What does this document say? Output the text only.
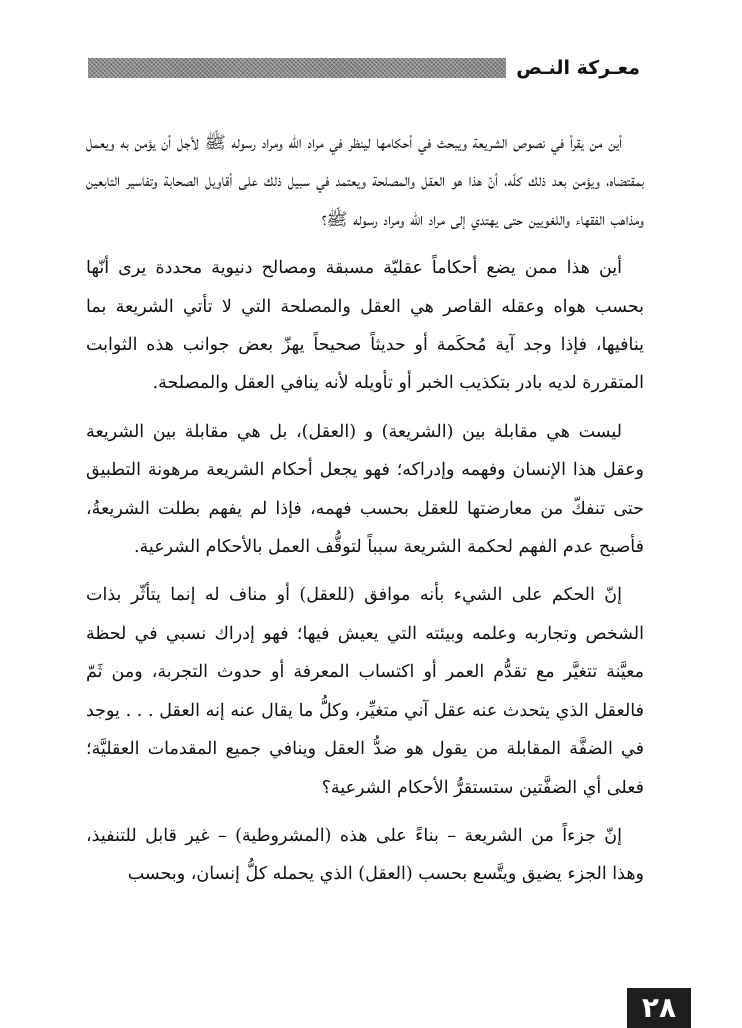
معـركة النـص

أين من يقرأ في نصوص الشريعة ويبحث في أحكامها لينظر في مراد الله ومراد رسوله ﷺ لأجل أن يؤمن به ويعمل بمقتضاه، ويؤمن بعد ذلك كلّه، أنّ هذا هو العقل والمصلحة ويعتمد في سبيل ذلك على أقاويل الصحابة وتفاسير التابعين ومذاهب الفقهاء واللغويين حتى يهتدي إلى مراد الله ومراد رسوله ﷺ؟

أين هذا ممن يضع أحكاماً عقليّة مسبقة ومصالح دنيوية محددة يرى أنّها بحسب هواه وعقله القاصر هي العقل والمصلحة التي لا تأتي الشريعة بما ينافيها، فإذا وجد آية مُحكَمة أو حديثاً صحيحاً يهزّ بعض جوانب هذه الثوابت المتقررة لديه بادر بتكذيب الخبر أو تأويله لأنه ينافي العقل والمصلحة.

ليست هي مقابلة بين (الشريعة) و (العقل)، بل هي مقابلة بين الشريعة وعقل هذا الإنسان وفهمه وإدراكه؛ فهو يجعل أحكام الشريعة مرهونة التطبيق حتى تنفكّ من معارضتها للعقل بحسب فهمه، فإذا لم يفهم بطلت الشريعةُ، فأصبح عدم الفهم لحكمة الشريعة سبباً لتوقُّف العمل بالأحكام الشرعية.

إنّ الحكم على الشيء بأنه موافق (للعقل) أو مناف له إنما يتأثّر بذات الشخص وتجاربه وعلمه وبيئته التي يعيش فيها؛ فهو إدراك نسبي في لحظة معيَّنة تتغيَّر مع تقدُّم العمر أو اكتساب المعرفة أو حدوث التجربة، ومن ثَمّ فالعقل الذي يتحدث عنه عقل آني متغيِّر، وكلُّ ما يقال عنه إنه العقل . . . يوجد في الضفَّة المقابلة من يقول هو ضدُّ العقل وينافي جميع المقدمات العقليَّة؛ فعلى أي الضفَّتين ستستقرُّ الأحكام الشرعية؟

إنّ جزءاً من الشريعة – بناءً على هذه (المشروطية) – غير قابل للتنفيذ، وهذا الجزء يضيق ويتَّسع بحسب (العقل) الذي يحمله كلُّ إنسان، وبحسب

٢٨
